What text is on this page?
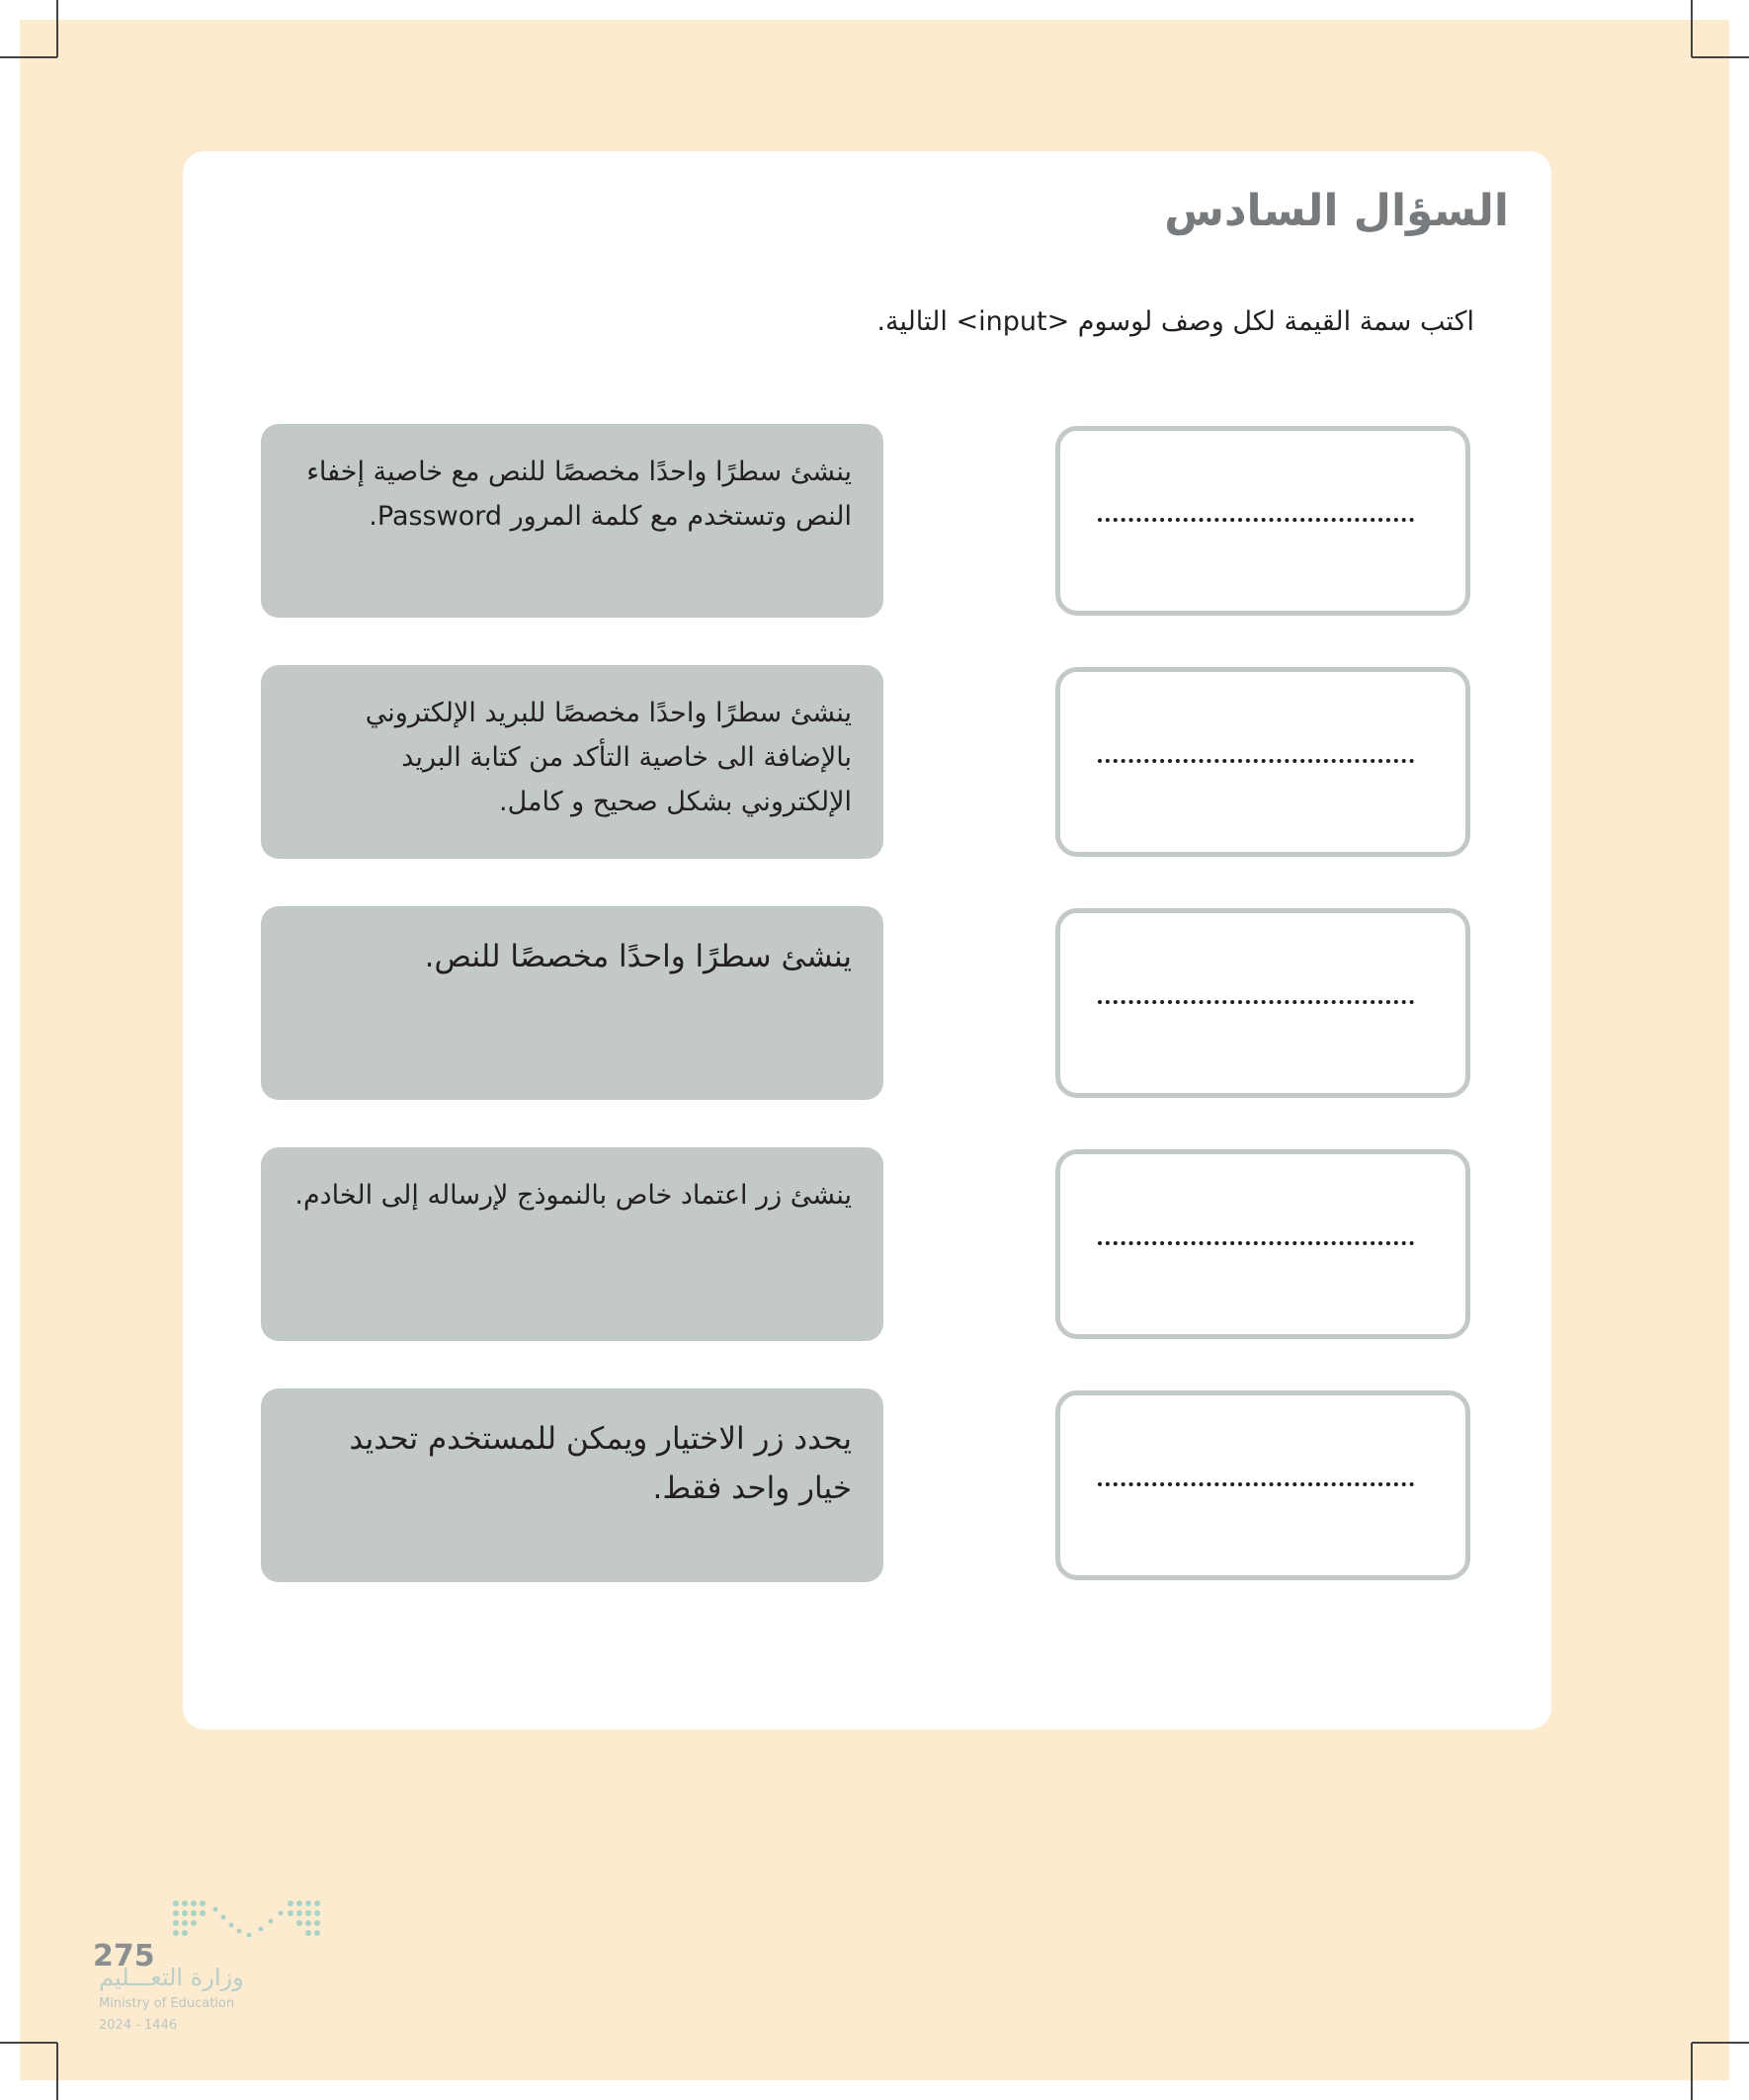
السؤال السادس
اكتب سمة القيمة لكل وصف لوسوم <input> التالية.
ينشئ سطرًا واحدًا مخصصًا للنص مع خاصية إخفاء النص وتستخدم مع كلمة المرور Password.
ينشئ سطرًا واحدًا مخصصًا للبريد الإلكتروني بالإضافة الى خاصية التأكد من كتابة البريد الإلكتروني بشكل صحيح و كامل.
ينشئ سطرًا واحدًا مخصصًا للنص.
ينشئ زر اعتماد خاص بالنموذج لإرساله إلى الخادم.
يحدد زر الاختيار ويمكن للمستخدم تحديد خيار واحد فقط.
275
وزارة التعـــليم
Ministry of Education
2024 - 1446
